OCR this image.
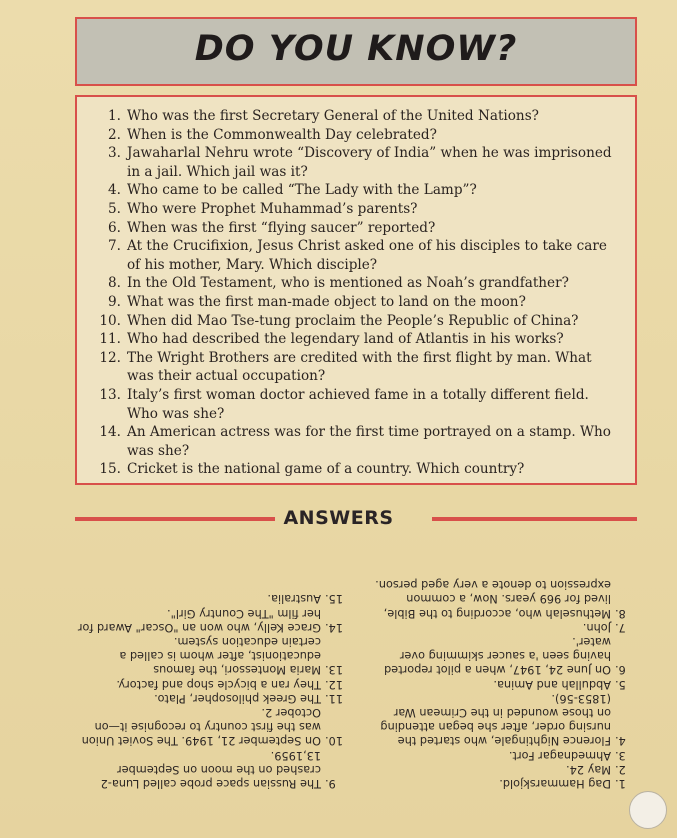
DO YOU KNOW?
1. Who was the first Secretary General of the United Nations?
2. When is the Commonwealth Day celebrated?
3. Jawaharlal Nehru wrote “Discovery of India” when he was imprisoned in a jail. Which jail was it?
4. Who came to be called “The Lady with the Lamp”?
5. Who were Prophet Muhammad’s parents?
6. When was the first “flying saucer” reported?
7. At the Crucifixion, Jesus Christ asked one of his disciples to take care of his mother, Mary. Which disciple?
8. In the Old Testament, who is mentioned as Noah’s grandfather?
9. What was the first man-made object to land on the moon?
10. When did Mao Tse-tung proclaim the People’s Republic of China?
11. Who had described the legendary land of Atlantis in his works?
12. The Wright Brothers are credited with the first flight by man. What was their actual occupation?
13. Italy’s first woman doctor achieved fame in a totally different field. Who was she?
14. An American actress was for the first time portrayed on a stamp. Who was she?
15. Cricket is the national game of a country. Which country?
ANSWERS
1.
Dag Hammarskjold.
2.
May 24.
3.
Ahmednagar Fort.
4.
Florence Nightingale, who started the nursing order, after she began attending on those wounded in the Crimean War (1853-56).
5.
Abdullah and Amina.
6.
On June 24, 1947, when a pilot reported having seen 'a saucer skimming over water'.
7.
John.
8.
Methuselah who, according to the Bible, lived for 969 years. Now, a common expression to denote a very aged person.
9.
The Russian space probe called Luna-2 crashed on the moon on September 13,1959.
10.
On September 21, 1949. The Soviet Union was the first country to recognise it—on October 2.
11.
The Greek philosopher, Plato.
12.
They ran a bicycle shop and factory.
13.
Maria Montessori, the famous educationist, after whom is called a certain education system.
14.
Grace Kelly, who won an "Oscar" Award for her film "The Country Girl".
15.
Australia.
